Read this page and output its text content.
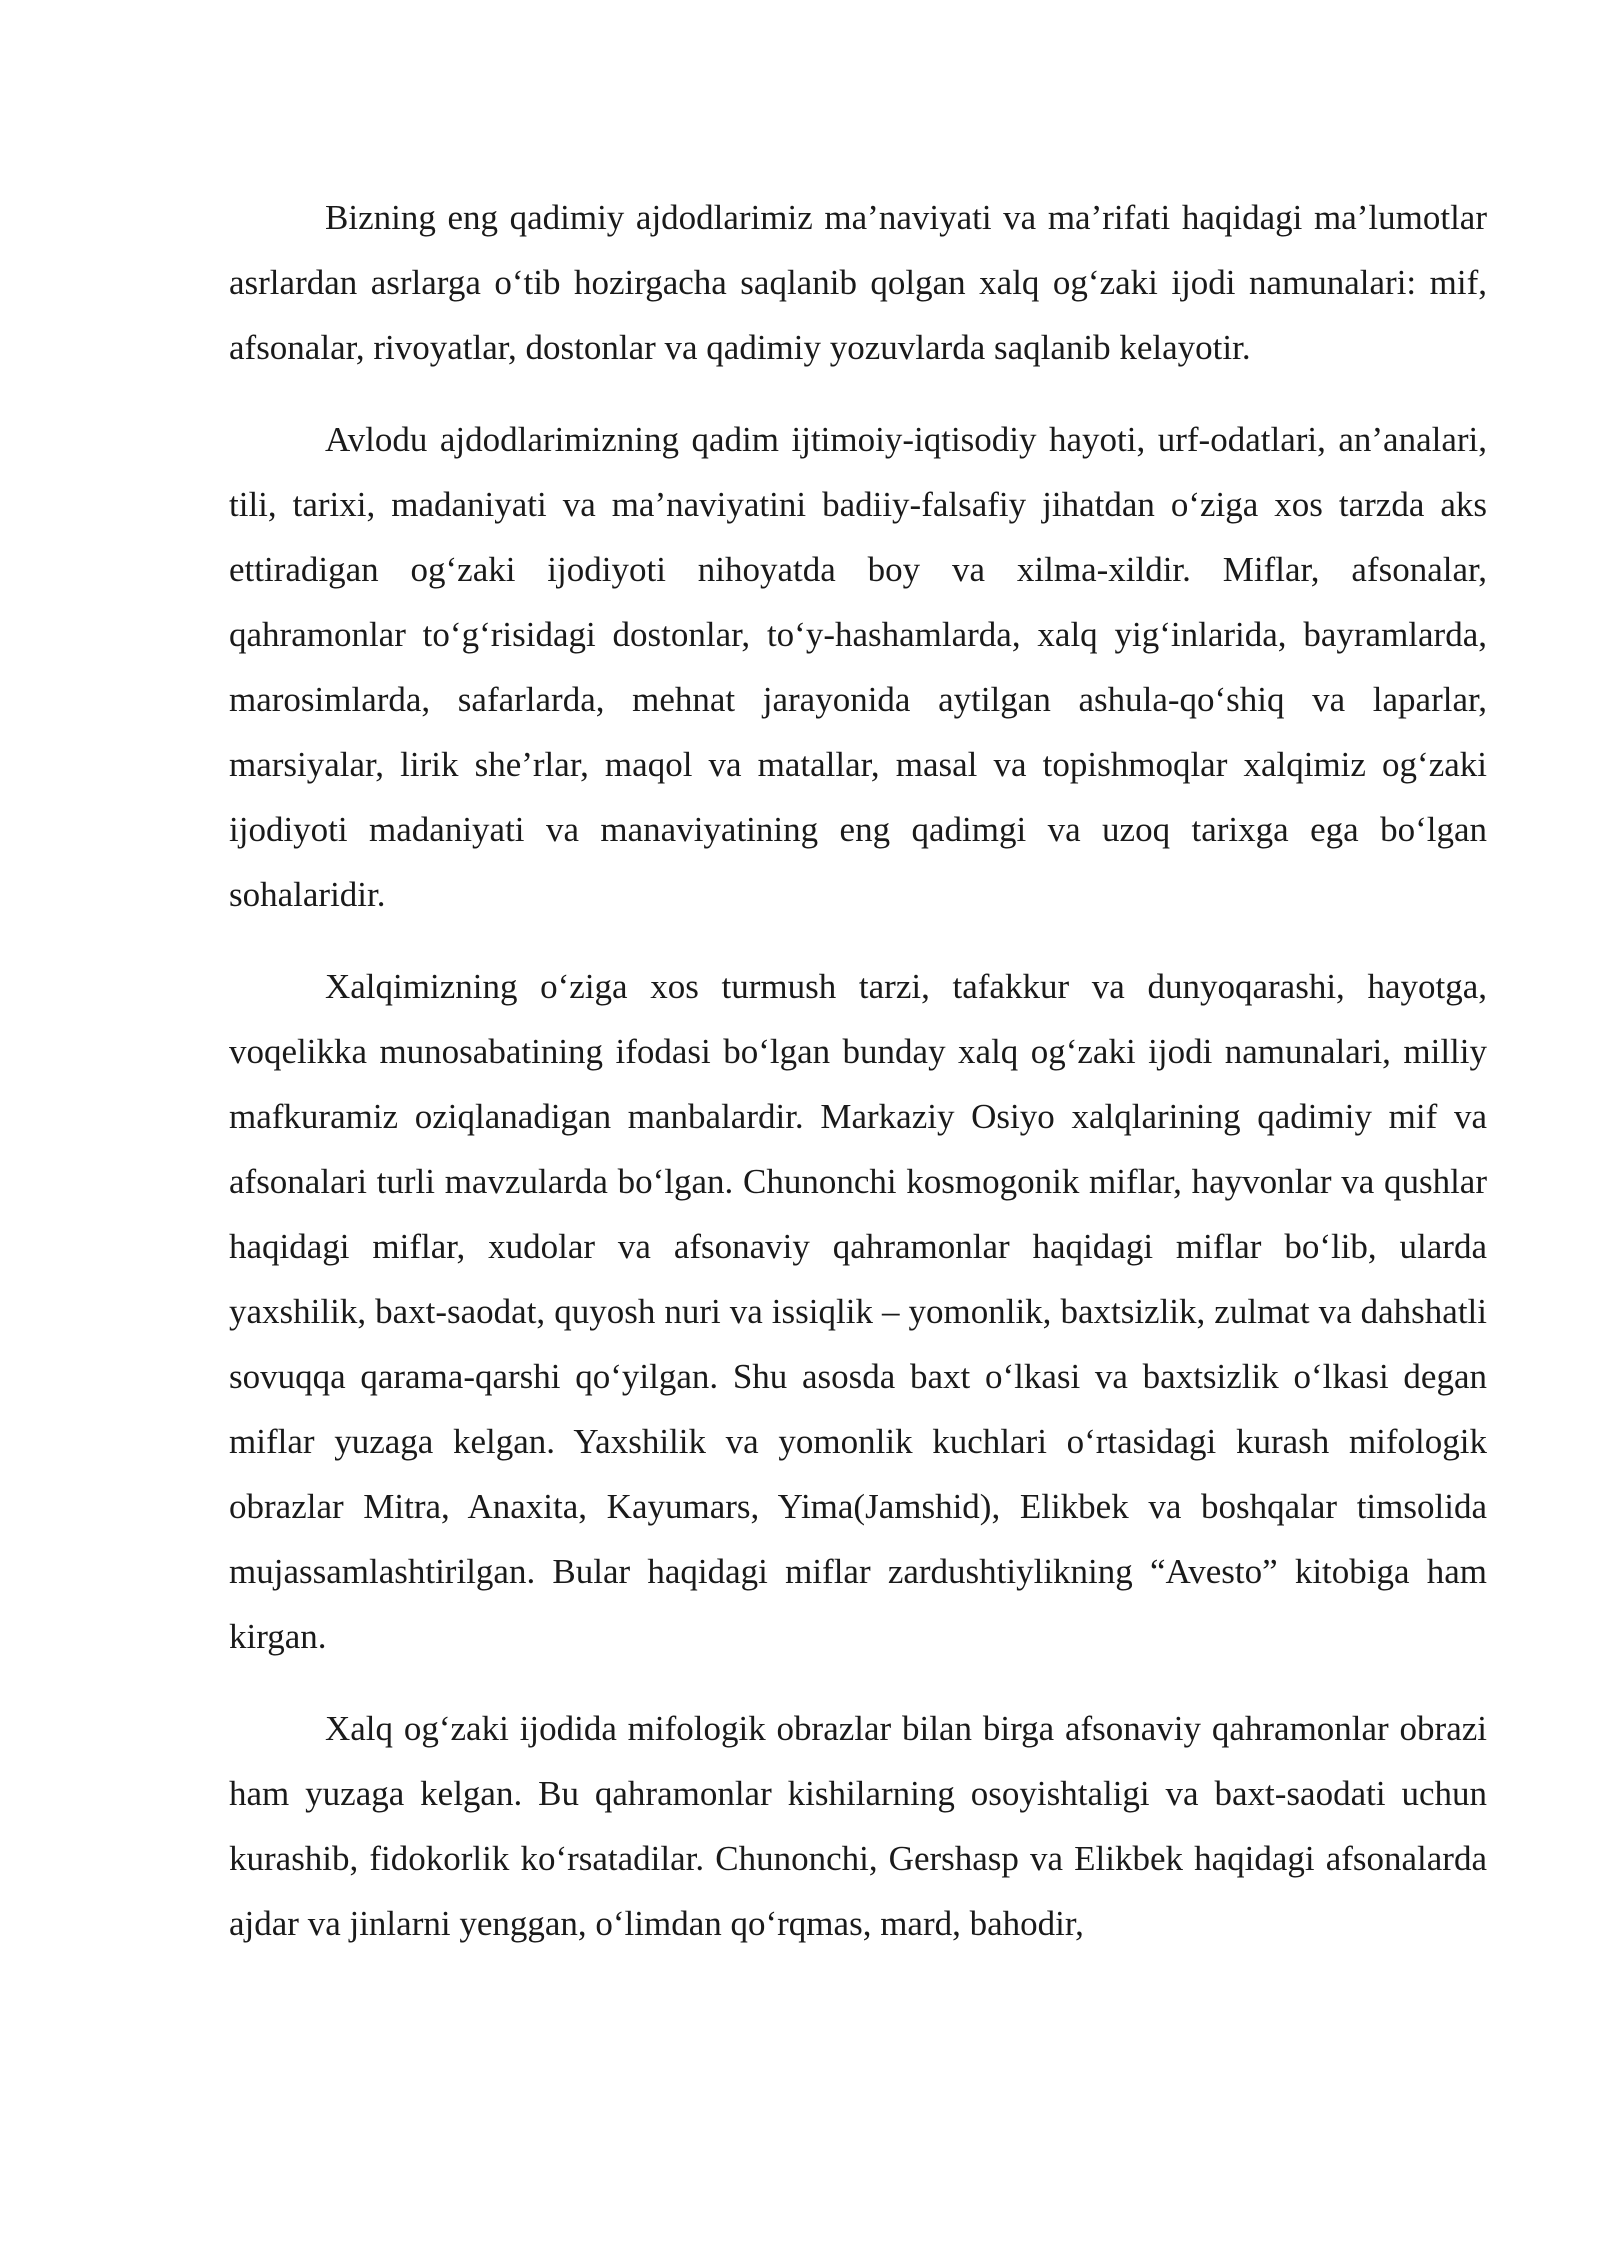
Bizning eng qadimiy ajdodlarimiz ma’naviyati va ma’rifati haqidagi ma’lumotlar asrlardan asrlarga o‘tib hozirgacha saqlanib qolgan xalq og‘zaki ijodi namunalari: mif, afsonalar, rivoyatlar, dostonlar va qadimiy yozuvlarda saqlanib kelayotir.

Avlodu ajdodlarimizning qadim ijtimoiy-iqtisodiy hayoti, urf-odatlari, an’analari, tili, tarixi, madaniyati va ma’naviyatini badiiy-falsafiy jihatdan o‘ziga xos tarzda aks ettiradigan og‘zaki ijodiyoti nihoyatda boy va xilma-xildir. Miflar, afsonalar, qahramonlar to‘g‘risidagi dostonlar, to‘y-hashamlarda, xalq yig‘inlarida, bayramlarda, marosimlarda, safarlarda, mehnat jarayonida aytilgan ashula-qo‘shiq va laparlar, marsiyalar, lirik she’rlar, maqol va matallar, masal va topishmoqlar xalqimiz og‘zaki ijodiyoti madaniyati va manaviyatining eng qadimgi va uzoq tarixga ega bo‘lgan sohalaridir.

Xalqimizning o‘ziga xos turmush tarzi, tafakkur va dunyoqarashi, hayotga, voqelikka munosabatining ifodasi bo‘lgan bunday xalq og‘zaki ijodi namunalari, milliy mafkuramiz oziqlanadigan manbalardir. Markaziy Osiyo xalqlarining qadimiy mif va afsonalari turli mavzularda bo‘lgan. Chunonchi kosmogonik miflar, hayvonlar va qushlar haqidagi miflar, xudolar va afsonaviy qahramonlar haqidagi miflar bo‘lib, ularda yaxshilik, baxt-saodat, quyosh nuri va issiqlik – yomonlik, baxtsizlik, zulmat va dahshatli sovuqqa qarama-qarshi qo‘yilgan. Shu asosda baxt o‘lkasi va baxtsizlik o‘lkasi degan miflar yuzaga kelgan. Yaxshilik va yomonlik kuchlari o‘rtasidagi kurash mifologik obrazlar Mitra, Anaxita, Kayumars, Yima(Jamshid), Elikbek va boshqalar timsolida mujassamlashtirilgan. Bular haqidagi miflar zardushtiylikning “Avesto” kitobiga ham kirgan.

Xalq og‘zaki ijodida mifologik obrazlar bilan birga afsonaviy qahramonlar obrazi ham yuzaga kelgan. Bu qahramonlar kishilarning osoyishtaligi va baxt-saodati uchun kurashib, fidokorlik ko‘rsatadilar. Chunonchi, Gershasp va Elikbek haqidagi afsonalarda ajdar va jinlarni yenggan, o‘limdan qo‘rqmas, mard, bahodir,
